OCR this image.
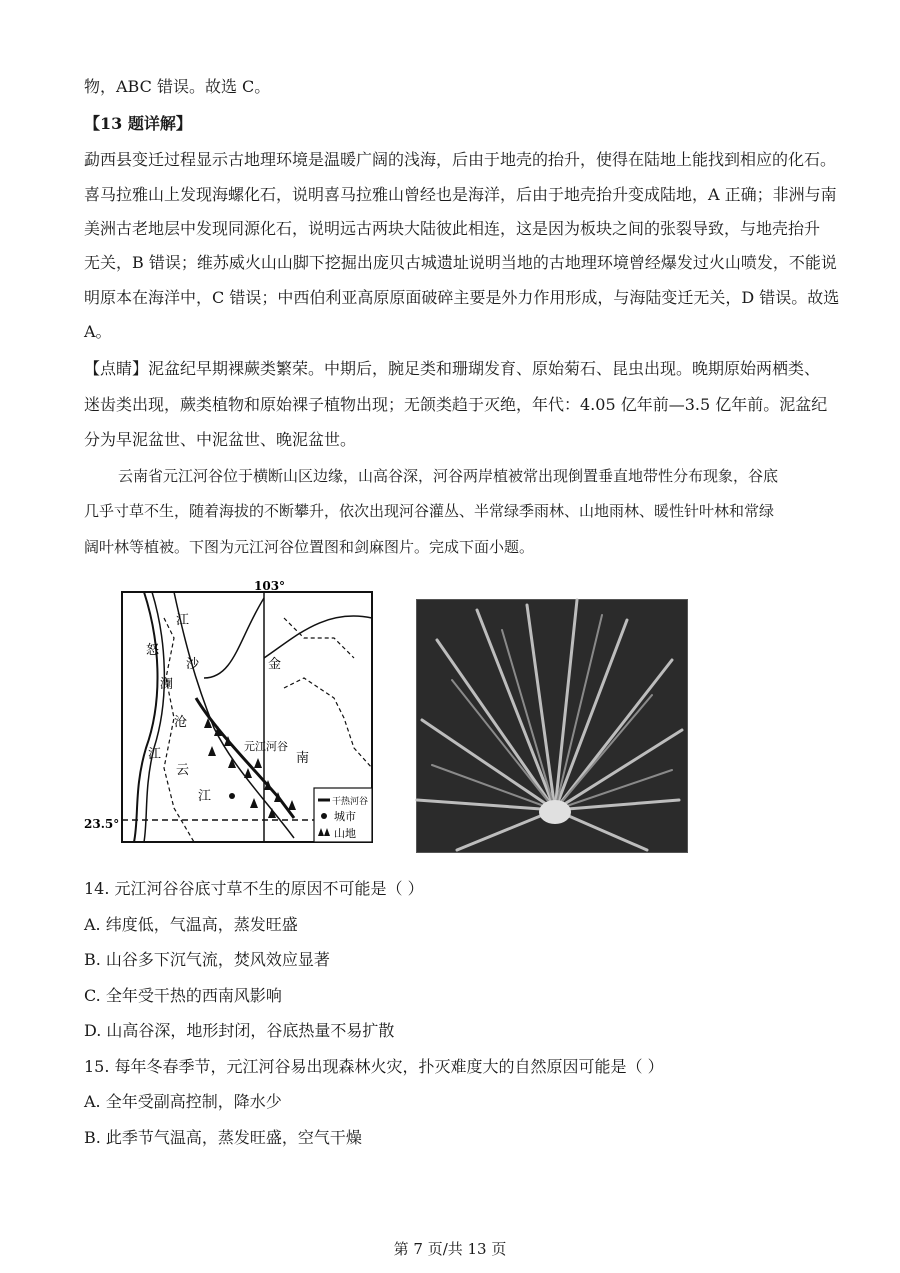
物，ABC 错误。故选 C。
【13 题详解】
勐西县变迁过程显示古地理环境是温暖广阔的浅海，后由于地壳的抬升，使得在陆地上能找到相应的化石。
喜马拉雅山上发现海螺化石，说明喜马拉雅山曾经也是海洋，后由于地壳抬升变成陆地，A 正确；非洲与南
美洲古老地层中发现同源化石，说明远古两块大陆彼此相连，这是因为板块之间的张裂导致，与地壳抬升
无关，B 错误；维苏威火山山脚下挖掘出庞贝古城遗址说明当地的古地理环境曾经爆发过火山喷发，不能说
明原本在海洋中，C 错误；中西伯利亚高原原面破碎主要是外力作用形成，与海陆变迁无关，D 错误。故选
A。
【点睛】泥盆纪早期裸蕨类繁荣。中期后，腕足类和珊瑚发育、原始菊石、昆虫出现。晚期原始两栖类、
迷齿类出现，蕨类植物和原始裸子植物出现；无颌类趋于灭绝，年代：4.05 亿年前—3.5 亿年前。泥盆纪
分为早泥盆世、中泥盆世、晚泥盆世。
云南省元江河谷位于横断山区边缘，山高谷深，河谷两岸植被常出现倒置垂直地带性分布现象，谷底
几乎寸草不生，随着海拔的不断攀升，依次出现河谷灌丛、半常绿季雨林、山地雨林、暖性针叶林和常绿
阔叶林等植被。下图为元江河谷位置图和剑麻图片。完成下面小题。
103°
23.5°
江
怒
沙
澜
沧
江
云
江
元江河谷
金
南
干热河谷
城市
山地
14. 元江河谷谷底寸草不生的原因不可能是（ ）
A. 纬度低，气温高，蒸发旺盛
B. 山谷多下沉气流，焚风效应显著
C. 全年受干热的西南风影响
D. 山高谷深，地形封闭，谷底热量不易扩散
15. 每年冬春季节，元江河谷易出现森林火灾，扑灭难度大的自然原因可能是（ ）
A. 全年受副高控制，降水少
B. 此季节气温高，蒸发旺盛，空气干燥
第 7 页/共 13 页
